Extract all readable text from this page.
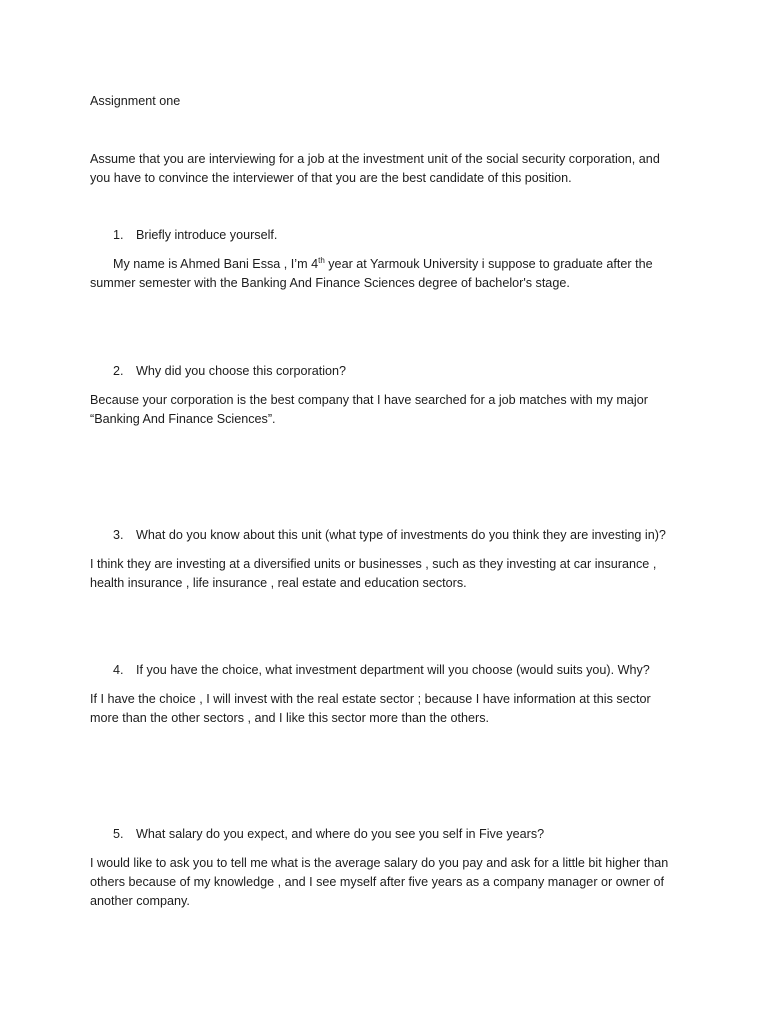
Assignment one
Assume that you are interviewing for a job at the investment unit of the social security corporation, and
you have to convince the interviewer of that you are the best candidate of this position.
1. Briefly introduce yourself.
My name is Ahmed Bani Essa , I’m 4th year at Yarmouk University i suppose to graduate after the
summer semester with the Banking And Finance Sciences degree of bachelor's stage.
2. Why did you choose this corporation?
Because your corporation is the best company that I have searched for a job matches with my major
“Banking And Finance Sciences”.
3. What do you know about this unit (what type of investments do you think they are investing in)?
I think they are investing at a diversified units or businesses , such as they investing at car insurance ,
health insurance , life insurance , real estate and education sectors.
4. If you have the choice, what investment department will you choose (would suits you). Why?
If I have the choice , I will invest with the real estate sector ; because I have information at this sector
more than the other sectors , and I like this sector more than the others.
5. What salary do you expect, and where do you see you self in Five years?
I would like to ask you to tell me what is the average salary do you pay and ask for a little bit higher than
others because of my knowledge , and I see myself after five years as a company manager or owner of
another company.
